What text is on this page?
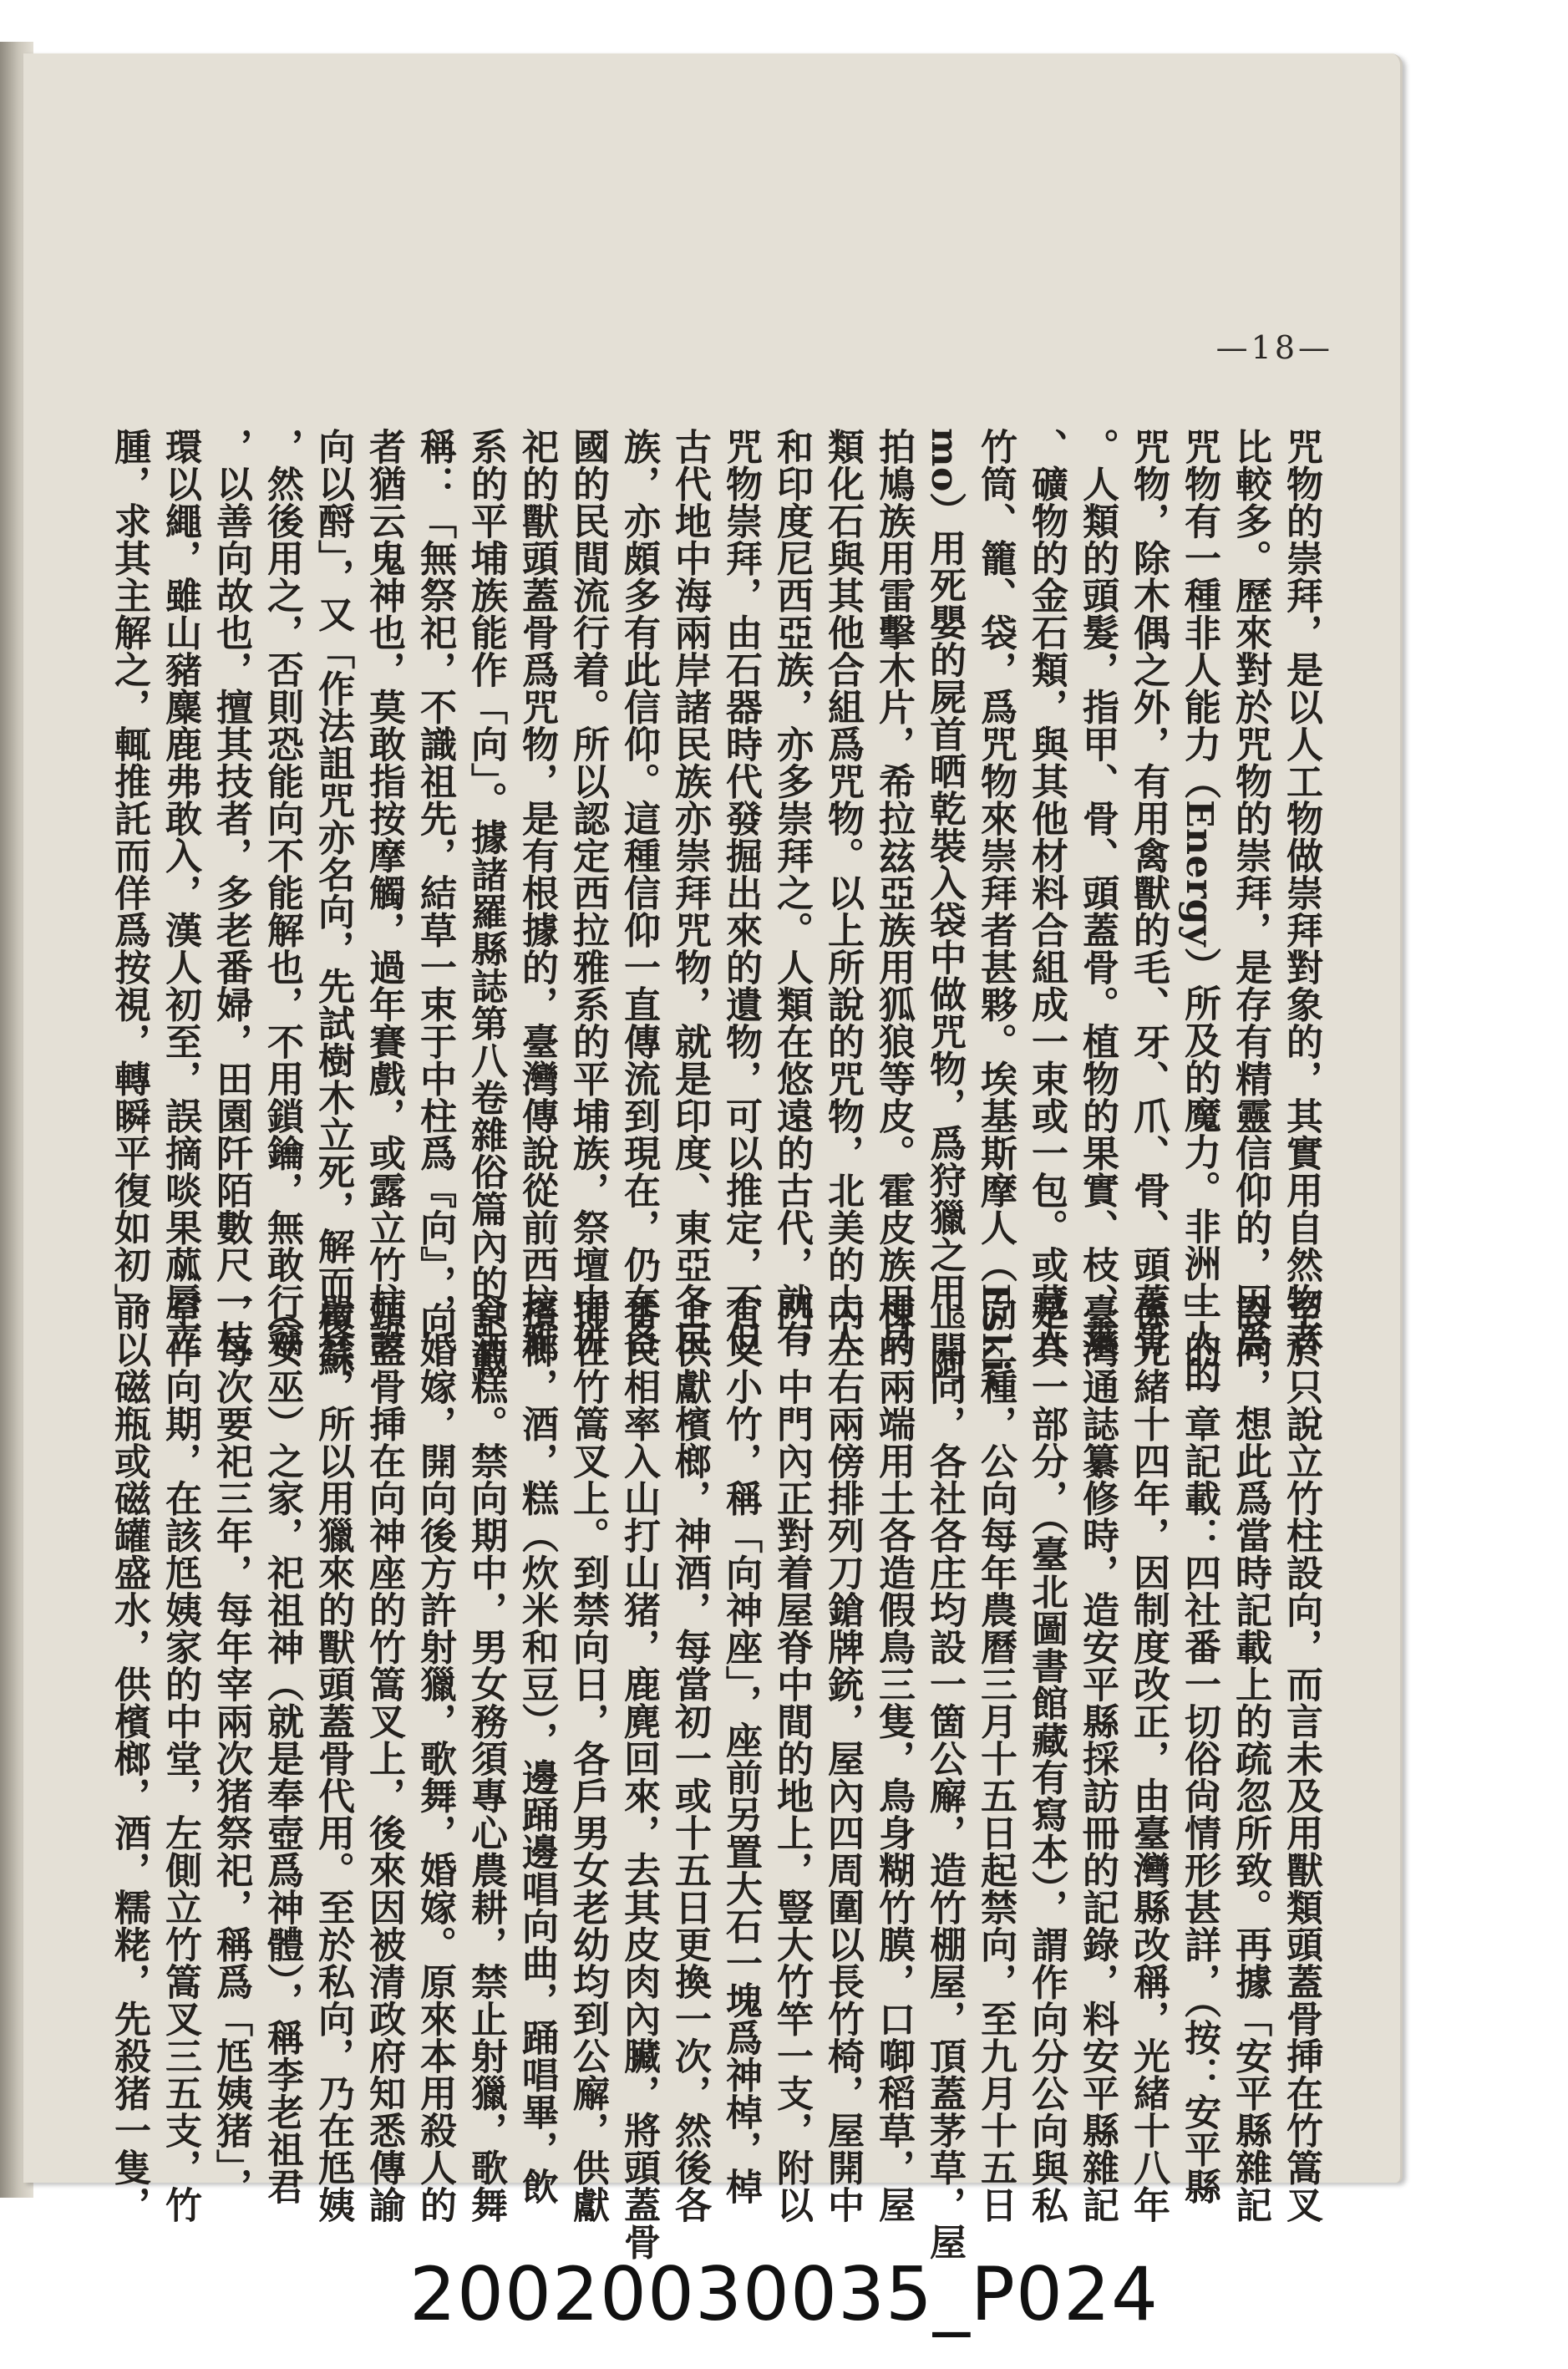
—18—
咒物的崇拜，是以人工物做崇拜對象的，其實用自然物者
比較多。歷來對於咒物的崇拜，是存有精靈信仰的，因爲
咒物有一種非人能力（Energy）所及的魔力。非洲土人的
咒物，除木偶之外，有用禽獸的毛、牙、爪、骨、頭蓋骨
。人類的頭髮，指甲、骨、頭蓋骨。植物的果實、枝、葉
、礦物的金石類，與其他材料合組成一束或一包。或藏入
竹筒、籠、袋，爲咒物來崇拜者甚夥。埃基斯摩人（Eski-
mo）用死嬰的屍首晒乾裝入袋中做咒物，爲狩獵之用。阿
拍鳩族用雷擊木片，希拉玆亞族用狐狼等皮。霍皮族用貝
類化石與其他合組爲咒物。以上所說的咒物，北美的土人
和印度尼西亞族，亦多崇拜之。人類在悠遠的古代，就有
咒物崇拜，由石器時代發掘出來的遺物，可以推定，不但
古代地中海兩岸諸民族亦崇拜咒物，就是印度、東亞各民
族，亦頗多有此信仰。這種信仰一直傳流到現在，仍在各
國的民間流行着。所以認定西拉雅系的平埔族，祭壇中併
祀的獸頭蓋骨爲咒物，是有根據的，臺灣傳說從前西拉雅
系的平埔族能作「向」。據諸羅縣誌第八卷雜俗篇內的記載
稱：「無祭祀，不識祖先，結草一束于中柱爲『向』，向
者猶云鬼神也，莫敢指按摩觸，過年賽戲，或露立竹柱設
向以酹」，又「作法詛咒亦名向，先試樹木立死，解而復蘇
，然後用之，否則恐能向不能解也，不用鎖鑰，無敢行竊
，以善向故也，擅其技者，多老番婦，田園阡陌數尺一枝
環以繩，雖山豬麋鹿弗敢入，漢人初至，誤摘啖果蓏脣立
腫，求其主解之，輒推託而佯爲按視，轉瞬平復如初」。
至於只說立竹柱設向，而言未及用獸類頭蓋骨挿在竹篙叉
設向，想此爲當時記載上的疏忽所致。再據「安平縣雜記
」的一章記載：四社番一切俗尙情形甚詳，（按：安平縣
係光緒十四年，因制度改正，由臺灣縣改稱，光緒十八年
臺灣通誌纂修時，造安平縣採訪冊的記錄，料安平縣雜記
是其一部分，（臺北圖書館藏有寫本），謂作向分公向與私
向二種，公向每年農曆三月十五日起禁向，至九月十五日
止開向，各社各庄均設一箇公廨，造竹棚屋，頂蓋茅草，屋
棟的兩端用土各造假鳥三隻，鳥身糊竹膜，口啣稻草，屋
內左右兩傍排列刀鎗牌銃，屋內四周圍以長竹椅，屋開中
門，中門內正對着屋脊中間的地上，豎大竹竿一支，附以
有叉小竹，稱「向神座」，座前另置大石一塊爲神棹，棹
上供獻檳榔，神酒，每當初一或十五日更換一次，然後各
番民相率入山打山猪，鹿麂回來，去其皮肉內臟，將頭蓋骨
挿在竹篙叉上。到禁向日，各戶男女老幼均到公廨，供獻
檳榔，酒，糕（炊米和豆），邊踊邊唱向曲，踊唱畢，飲
食酒糕。禁向期中，男女務須專心農耕，禁止射獵，歌舞
，婚嫁，開向後方許射獵，歌舞，婚嫁。原來本用殺人的
頭蓋骨挿在向神座的竹篙叉上，後來因被清政府知悉傳諭
嚴禁，所以用獵來的獸頭蓋骨代用。至於私向，乃在尪姨
（女巫）之家，祀祖神（就是奉壺爲神體），稱李老祖君
，每次要祀三年，每年宰兩次猪祭祀，稱爲「尪姨猪」，
至作向期，在該尪姨家的中堂，左側立竹篙叉三五支，竹
前以磁瓶或磁罐盛水，供檳榔，酒，糯粩，先殺猪一隻，
20020030035_P024
